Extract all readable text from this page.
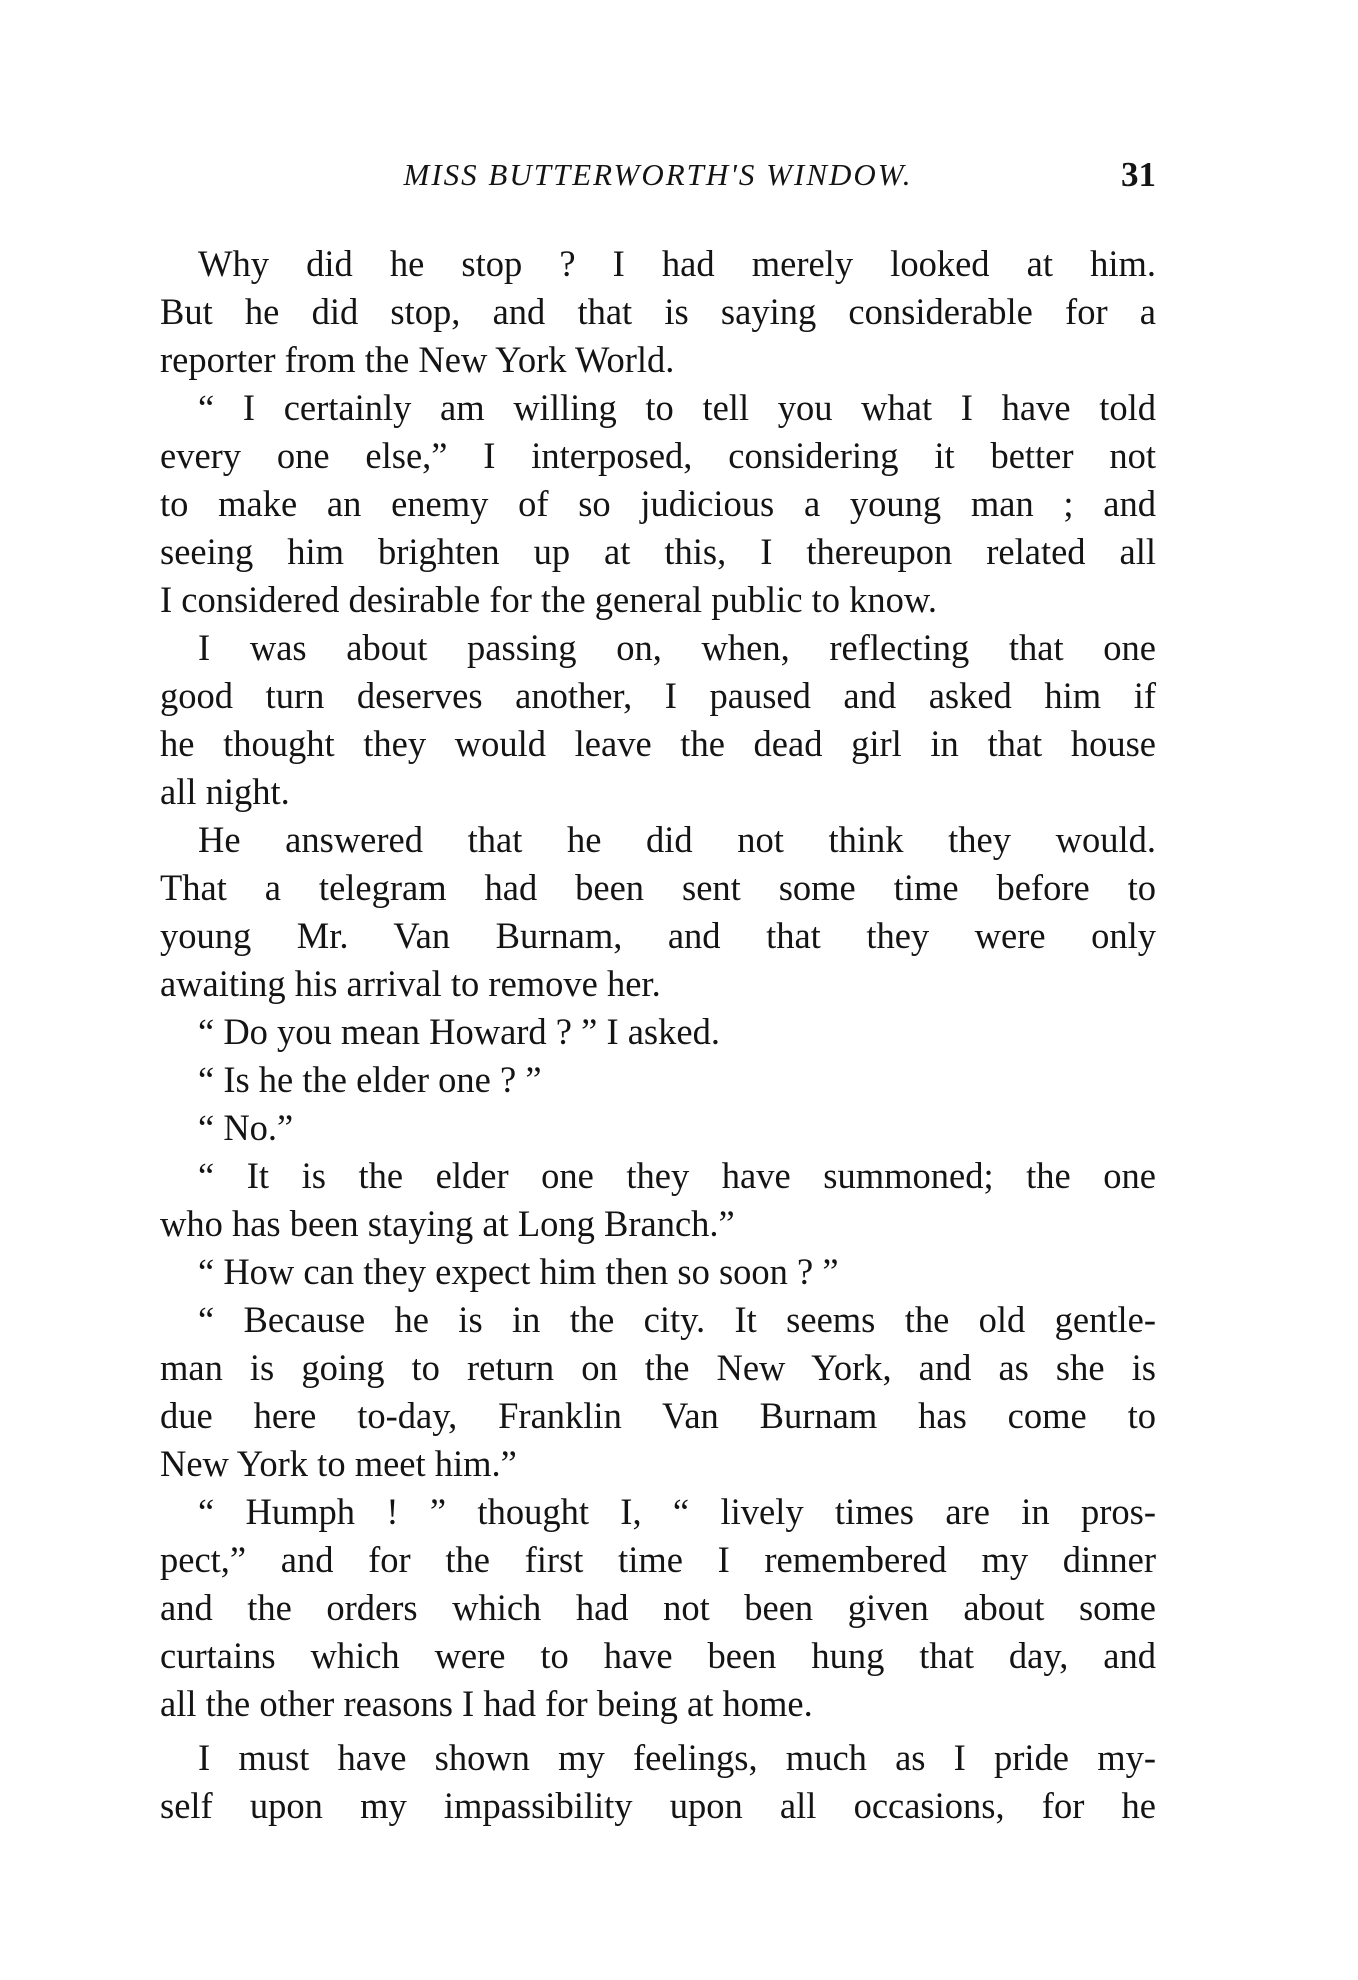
MISS BUTTERWORTH'S WINDOW.	31
Why did he stop ? I had merely looked at him.
But he did stop, and that is saying considerable for a
reporter from the New York World.
“ I certainly am willing to tell you what I have told
every one else,” I interposed, considering it better not
to make an enemy of so judicious a young man ; and
seeing him brighten up at this, I thereupon related all
I considered desirable for the general public to know.
I was about passing on, when, reflecting that one
good turn deserves another, I paused and asked him if
he thought they would leave the dead girl in that house
all night.
He answered that he did not think they would.
That a telegram had been sent some time before to
young Mr. Van Burnam, and that they were only
awaiting his arrival to remove her.
“ Do you mean Howard ? ” I asked.
“ Is he the elder one ? ”
“ No.”
“ It is the elder one they have summoned; the one
who has been staying at Long Branch.”
“ How can they expect him then so soon ? ”
“ Because he is in the city. It seems the old gentle-
man is going to return on the New York, and as she is
due here to-day, Franklin Van Burnam has come to
New York to meet him.”
“ Humph ! ” thought I, “ lively times are in pros-
pect,” and for the first time I remembered my dinner
and the orders which had not been given about some
curtains which were to have been hung that day, and
all the other reasons I had for being at home.
I must have shown my feelings, much as I pride my-
self upon my impassibility upon all occasions, for he
